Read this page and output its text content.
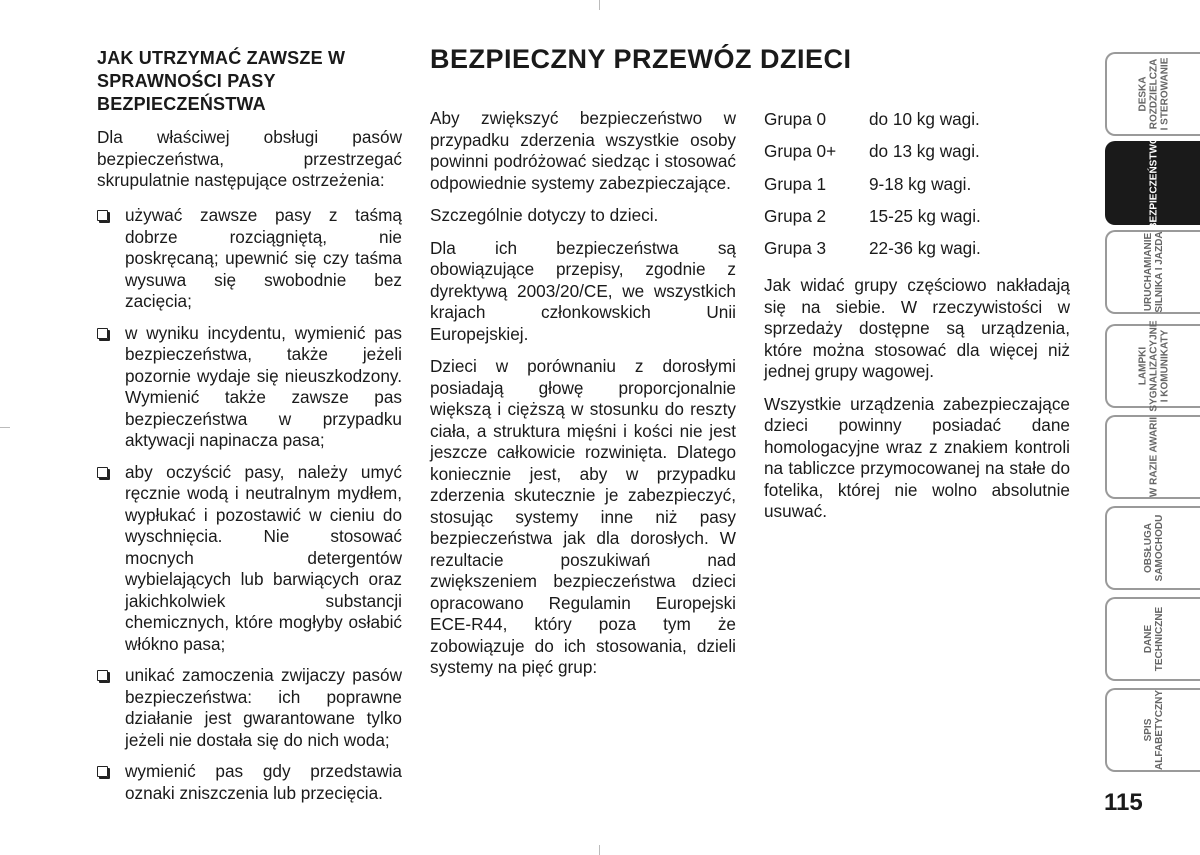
JAK UTRZYMAĆ ZAWSZE W SPRAWNOŚCI PASY BEZPIECZEŃSTWA
Dla właściwej obsługi pasów bezpieczeństwa, przestrzegać skrupulatnie następujące ostrzeżenia:
używać zawsze pasy z taśmą dobrze rozciągniętą, nie poskręcaną; upewnić się czy taśma wysuwa się swobodnie bez zacięcia;
w wyniku incydentu, wymienić pas bezpieczeństwa, także jeżeli pozornie wydaje się nieuszkodzony. Wymienić także zawsze pas bezpieczeństwa w przypadku aktywacji napinacza pasa;
aby oczyścić pasy, należy umyć ręcznie wodą i neutralnym mydłem, wypłukać i pozostawić w cieniu do wyschnięcia. Nie stosować mocnych detergentów wybielających lub barwiących oraz jakichkolwiek substancji chemicznych, które mogłyby osłabić włókno pasa;
unikać zamoczenia zwijaczy pasów bezpieczeństwa: ich poprawne działanie jest gwarantowane tylko jeżeli nie dostała się do nich woda;
wymienić pas gdy przedstawia oznaki zniszczenia lub przecięcia.
BEZPIECZNY PRZEWÓZ DZIECI

Aby zwiększyć bezpieczeństwo w przypadku zderzenia wszystkie osoby powinni podróżować siedząc i stosować odpowiednie systemy zabezpieczające.

Szczególnie dotyczy to dzieci.

Dla ich bezpieczeństwa są obowiązujące przepisy, zgodnie z dyrektywą 2003/20/CE, we wszystkich krajach członkowskich Unii Europejskiej.

Dzieci w porównaniu z dorosłymi posiadają głowę proporcjonalnie większą i cięższą w stosunku do reszty ciała, a struktura mięśni i kości nie jest jeszcze całkowicie rozwinięta. Dlatego koniecznie jest, aby w przypadku zderzenia skutecznie je zabezpieczyć, stosując systemy inne niż pasy bezpieczeństwa jak dla dorosłych. W rezultacie poszukiwań nad zwiększeniem bezpieczeństwa dzieci opracowano Regulamin Europejski ECE-R44, który poza tym że zobowiązuje do ich stosowania, dzieli systemy na pięć grup:

Grupa 0 do 10 kg wagi.
Grupa 0+ do 13 kg wagi.
Grupa 1 9-18 kg wagi.
Grupa 2 15-25 kg wagi.
Grupa 3 22-36 kg wagi.

Jak widać grupy częściowo nakładają się na siebie. W rzeczywistości w sprzedaży dostępne są urządzenia, które można stosować dla więcej niż jednej grupy wagowej.

Wszystkie urządzenia zabezpieczające dzieci powinny posiadać dane homologacyjne wraz z znakiem kontroli na tabliczce przymocowanej na stałe do fotelika, której nie wolno absolutnie usuwać.

DESKA
ROZDZIELCZA
I STEROWANIE
BEZPIECZEŃSTWO
URUCHAMIANIE
SILNIKA I JAZDA
LAMPKI
SYGNALIZACYJNE
I KOMUNIKATY
W RAZIE AWARII
OBSŁUGA
SAMOCHODU
DANE
TECHNICZNE
SPIS
ALFABETYCZNY
115
